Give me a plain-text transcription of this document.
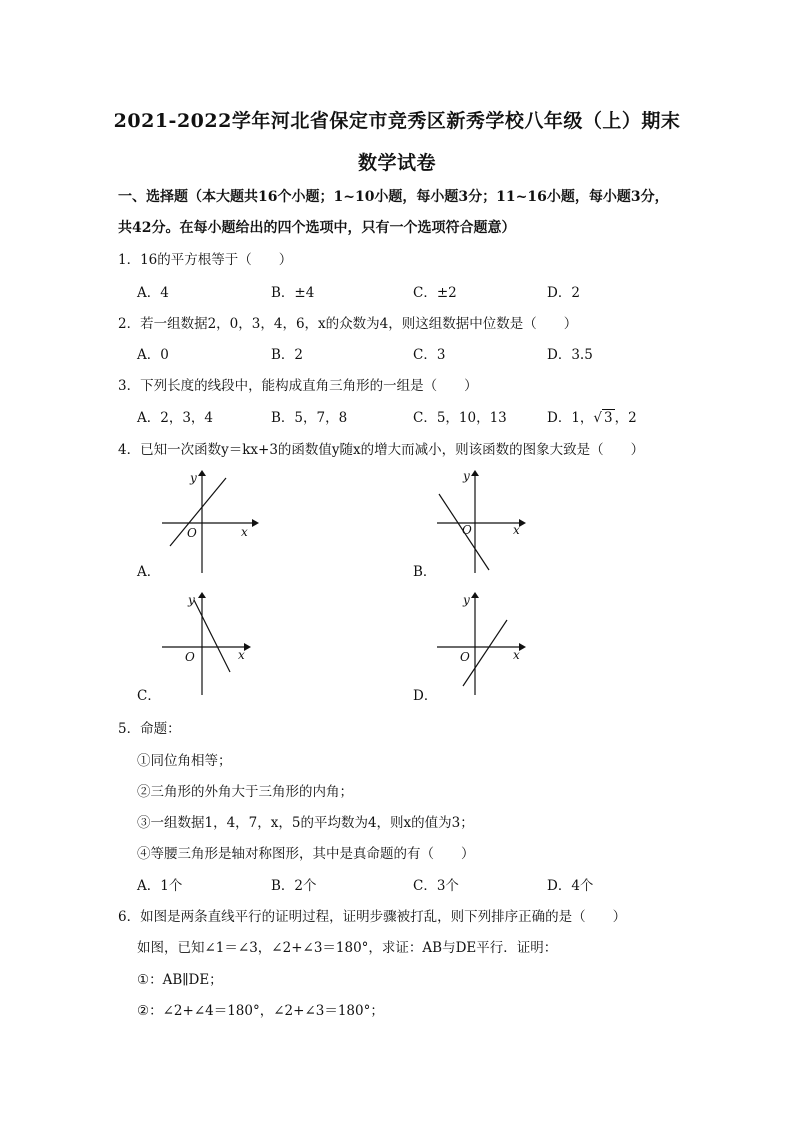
2021-2022学年河北省保定市竞秀区新秀学校八年级（上）期末
数学试卷
一、选择题（本大题共16个小题；1~10小题，每小题3分；11~16小题，每小题3分，
共42分。在每小题给出的四个选项中，只有一个选项符合题意）
1．16的平方根等于（　　）
A．4	B．±4	C．±2	D．2
2．若一组数据2，0，3，4，6，x的众数为4，则这组数据中位数是（　　）
A．0	B．2	C．3	D．3.5
3．下列长度的线段中，能构成直角三角形的一组是（　　）
A．2，3，4	B．5，7，8	C．5，10，13	D．1，√ 3 ，2
4．已知一次函数y＝kx+3的函数值y随x的增大而减小，则该函数的图象大致是（　　）
x
y
O
A．
x
y
O
B．
x
y
O
C．
x
y
O
D．
5．命题：
①同位角相等；
②三角形的外角大于三角形的内角；
③一组数据1，4，7，x，5的平均数为4，则x的值为3；
④等腰三角形是轴对称图形，其中是真命题的有（　　）
A．1个	B．2个	C．3个	D．4个
6．如图是两条直线平行的证明过程，证明步骤被打乱，则下列排序正确的是（　　）
如图，已知∠1＝∠3，∠2+∠3＝180°，求证：AB与DE平行．证明：
①：AB∥DE；
②：∠2+∠4＝180°，∠2+∠3＝180°；
